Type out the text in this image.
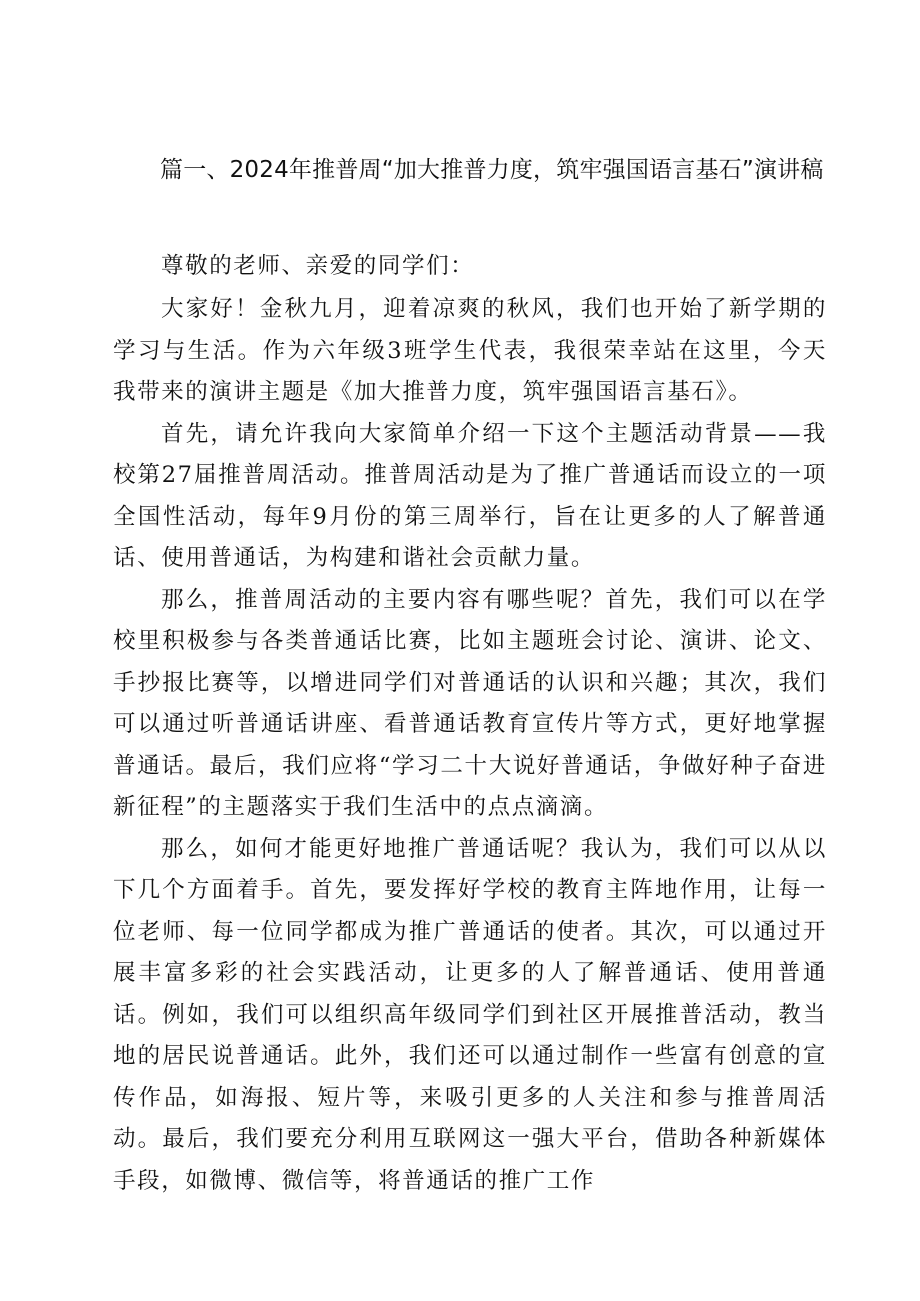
篇一、2024年推普周“加大推普力度，筑牢强国语言基石”演讲稿

尊敬的老师、亲爱的同学们：

大家好！金秋九月，迎着凉爽的秋风，我们也开始了新学期的学习与生活。作为六年级3班学生代表，我很荣幸站在这里，今天我带来的演讲主题是《加大推普力度，筑牢强国语言基石》。

首先，请允许我向大家简单介绍一下这个主题活动背景——我校第27届推普周活动。推普周活动是为了推广普通话而设立的一项全国性活动，每年9月份的第三周举行，旨在让更多的人了解普通话、使用普通话，为构建和谐社会贡献力量。

那么，推普周活动的主要内容有哪些呢？首先，我们可以在学校里积极参与各类普通话比赛，比如主题班会讨论、演讲、论文、手抄报比赛等，以增进同学们对普通话的认识和兴趣；其次，我们可以通过听普通话讲座、看普通话教育宣传片等方式，更好地掌握普通话。最后，我们应将“学习二十大说好普通话，争做好种子奋进新征程”的主题落实于我们生活中的点点滴滴。

那么，如何才能更好地推广普通话呢？我认为，我们可以从以下几个方面着手。首先，要发挥好学校的教育主阵地作用，让每一位老师、每一位同学都成为推广普通话的使者。其次，可以通过开展丰富多彩的社会实践活动，让更多的人了解普通话、使用普通话。例如，我们可以组织高年级同学们到社区开展推普活动，教当地的居民说普通话。此外，我们还可以通过制作一些富有创意的宣传作品，如海报、短片等，来吸引更多的人关注和参与推普周活动。最后，我们要充分利用互联网这一强大平台，借助各种新媒体手段，如微博、微信等，将普通话的推广工作
